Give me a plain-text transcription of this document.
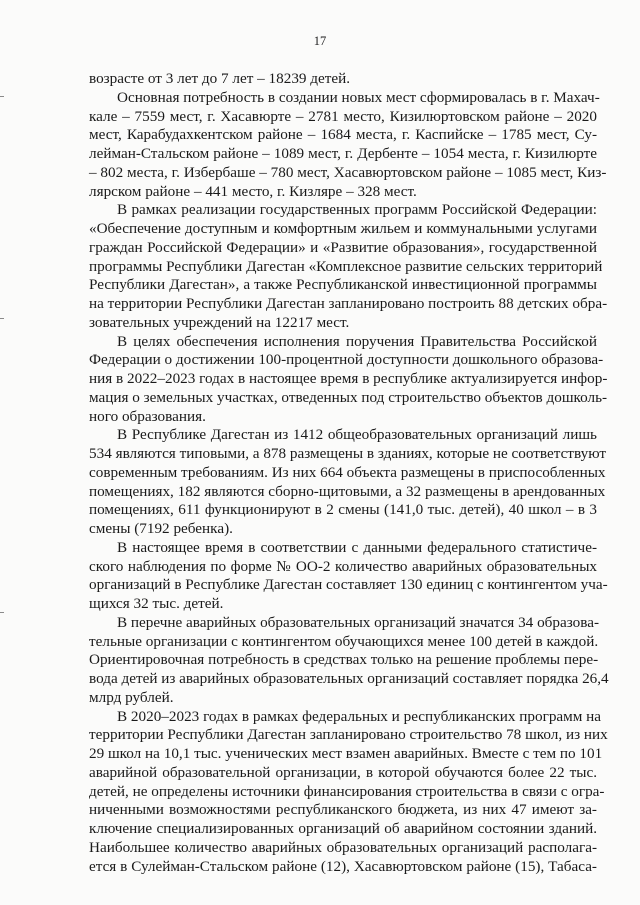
17
возрасте от 3 лет до 7 лет – 18239 детей.
Основная потребность в создании новых мест сформировалась в г. Махач-
кале – 7559 мест, г. Хасавюрте – 2781 место, Кизилюртовском районе – 2020
мест, Карабудахкентском районе – 1684 места, г. Каспийске – 1785 мест, Су-
лейман-Стальском районе – 1089 мест, г. Дербенте – 1054 места, г. Кизилюрте
– 802 места, г. Избербаше – 780 мест, Хасавюртовском районе – 1085 мест, Киз-
лярском районе – 441 место, г. Кизляре – 328 мест.
В рамках реализации государственных программ Российской Федерации:
«Обеспечение доступным и комфортным жильем и коммунальными услугами
граждан Российской Федерации» и «Развитие образования», государственной
программы Республики Дагестан «Комплексное развитие сельских территорий
Республики Дагестан», а также Республиканской инвестиционной программы
на территории Республики Дагестан запланировано построить 88 детских обра-
зовательных учреждений на 12217 мест.
В целях обеспечения исполнения поручения Правительства Российской
Федерации о достижении 100-процентной доступности дошкольного образова-
ния в 2022–2023 годах в настоящее время в республике актуализируется инфор-
мация о земельных участках, отведенных под строительство объектов дошколь-
ного образования.
В Республике Дагестан из 1412 общеобразовательных организаций лишь
534 являются типовыми, а 878 размещены в зданиях, которые не соответствуют
современным требованиям. Из них 664 объекта размещены в приспособленных
помещениях, 182 являются сборно-щитовыми, а 32 размещены в арендованных
помещениях, 611 функционируют в 2 смены (141,0 тыс. детей), 40 школ – в 3
смены (7192 ребенка).
В настоящее время в соответствии с данными федерального статистиче-
ского наблюдения по форме № ОО-2 количество аварийных образовательных
организаций в Республике Дагестан составляет 130 единиц с контингентом уча-
щихся 32 тыс. детей.
В перечне аварийных образовательных организаций значатся 34 образова-
тельные организации с контингентом обучающихся менее 100 детей в каждой.
Ориентировочная потребность в средствах только на решение проблемы пере-
вода детей из аварийных образовательных организаций составляет порядка 26,4
млрд рублей.
В 2020–2023 годах в рамках федеральных и республиканских программ на
территории Республики Дагестан запланировано строительство 78 школ, из них
29 школ на 10,1 тыс. ученических мест взамен аварийных. Вместе с тем по 101
аварийной образовательной организации, в которой обучаются более 22 тыс.
детей, не определены источники финансирования строительства в связи с огра-
ниченными возможностями республиканского бюджета, из них 47 имеют за-
ключение специализированных организаций об аварийном состоянии зданий.
Наибольшее количество аварийных образовательных организаций располага-
ется в Сулейман-Стальском районе (12), Хасавюртовском районе (15), Табаса-
